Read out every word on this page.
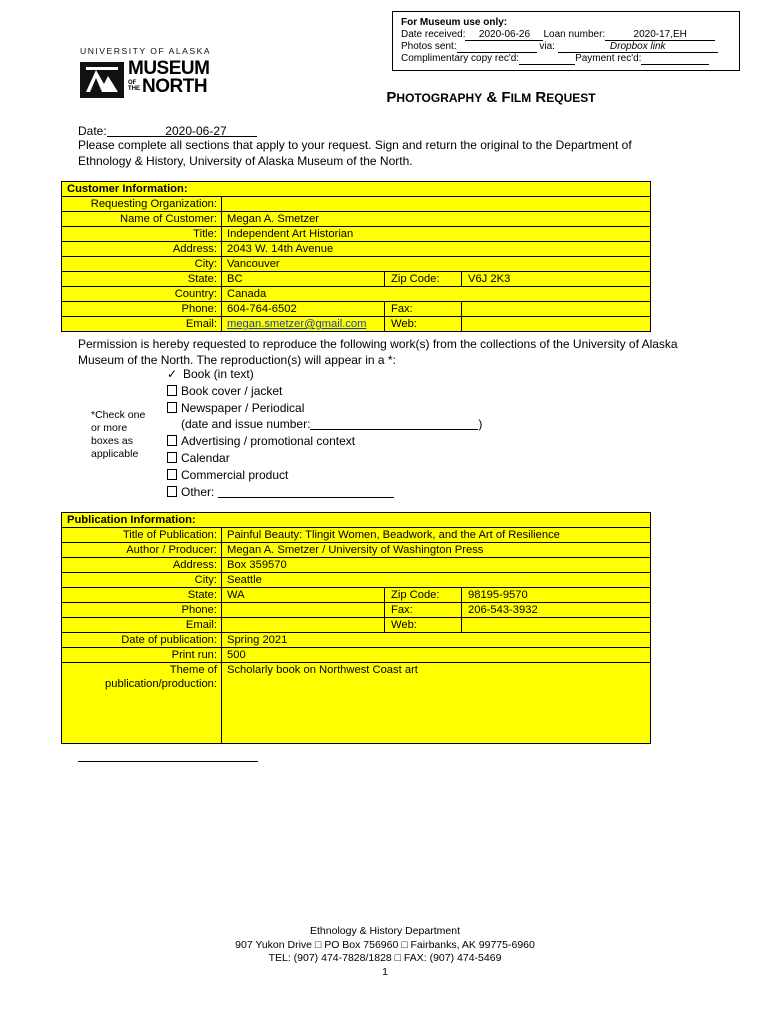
For Museum use only:
Date received: 2020-06-26 Loan number:	2020-17,EH
Photos sent:	via:	Dropbox link
Complimentary copy rec'd:	Payment rec'd:
UNIVERSITY OF ALASKA
MUSEUM
OF THE NORTH
PHOTOGRAPHY & FILM REQUEST
Date:	2020-06-27
Please complete all sections that apply to your request. Sign and return the original to the Department of Ethnology & History, University of Alaska Museum of the North.
Customer Information:
Requesting Organization:
Name of Customer: Megan A. Smetzer
Title: Independent Art Historian
Address: 2043 W. 14th Avenue
City: Vancouver
State: BC	Zip Code:	V6J 2K3
Country: Canada
Phone: 604-764-6502	Fax:
Email: megan.smetzer@gmail.com	Web:
Permission is hereby requested to reproduce the following work(s) from the collections of the University of Alaska Museum of the North. The reproduction(s) will appear in a *:
*Check one or more boxes as applicable
✓ Book (in text)
Book cover / jacket
Newspaper / Periodical
(date and issue number:	)
Advertising / promotional context
Calendar
Commercial product
Other:
Publication Information:
Title of Publication: Painful Beauty: Tlingit Women, Beadwork, and the Art of Resilience
Author / Producer: Megan A. Smetzer / University of Washington Press
Address: Box 359570
City: Seattle
State: WA	Zip Code:	98195-9570
Phone:	Fax:	206-543-3932
Email:	Web:
Date of publication: Spring 2021
Print run: 500
Theme of publication/production:
Scholarly book on Northwest Coast art
Ethnology & History Department
907 Yukon Drive □ PO Box 756960 □ Fairbanks, AK 99775-6960
TEL: (907) 474-7828/1828 □ FAX: (907) 474-5469
1
